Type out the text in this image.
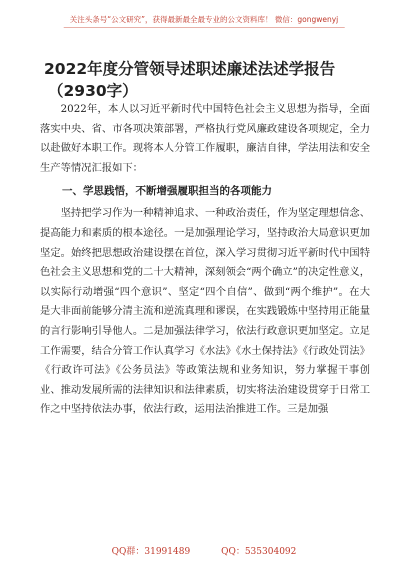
关注头条号“公文研究”，获得最新最全最专业的公文资料库！ 微信：gongwenyj
2022年度分管领导述职述廉述法述学报告
（2930字）

2022年，本人以习近平新时代中国特色社会主义思想为指导，全面落实中央、省、市各项决策部署，严格执行党风廉政建设各项规定，全力以赴做好本职工作。现将本人分管工作履职，廉洁自律，学法用法和安全生产等情况汇报如下：

一、学思践悟，不断增强履职担当的各项能力

坚持把学习作为一种精神追求、一种政治责任，作为坚定理想信念、提高能力和素质的根本途径。一是加强理论学习，坚持政治大局意识更加坚定。始终把思想政治建设摆在首位，深入学习贯彻习近平新时代中国特色社会主义思想和党的二十大精神，深刻领会“两个确立”的决定性意义，以实际行动增强“四个意识”、坚定“四个自信”、做到“两个维护”。在大是大非面前能够分清主流和逆流真理和谬误，在实践锻炼中坚持用正能量的言行影响引导他人。二是加强法律学习，依法行政意识更加坚定。立足工作需要，结合分管工作认真学习《水法》《水土保持法》《行政处罚法》《行政许可法》《公务员法》等政策法规和业务知识，努力掌握干事创业、推动发展所需的法律知识和法律素质，切实将法治建设贯穿于日常工作之中坚持依法办事，依法行政，运用法治推进工作。三是加强

QQ群：31991489	QQ：535304092
